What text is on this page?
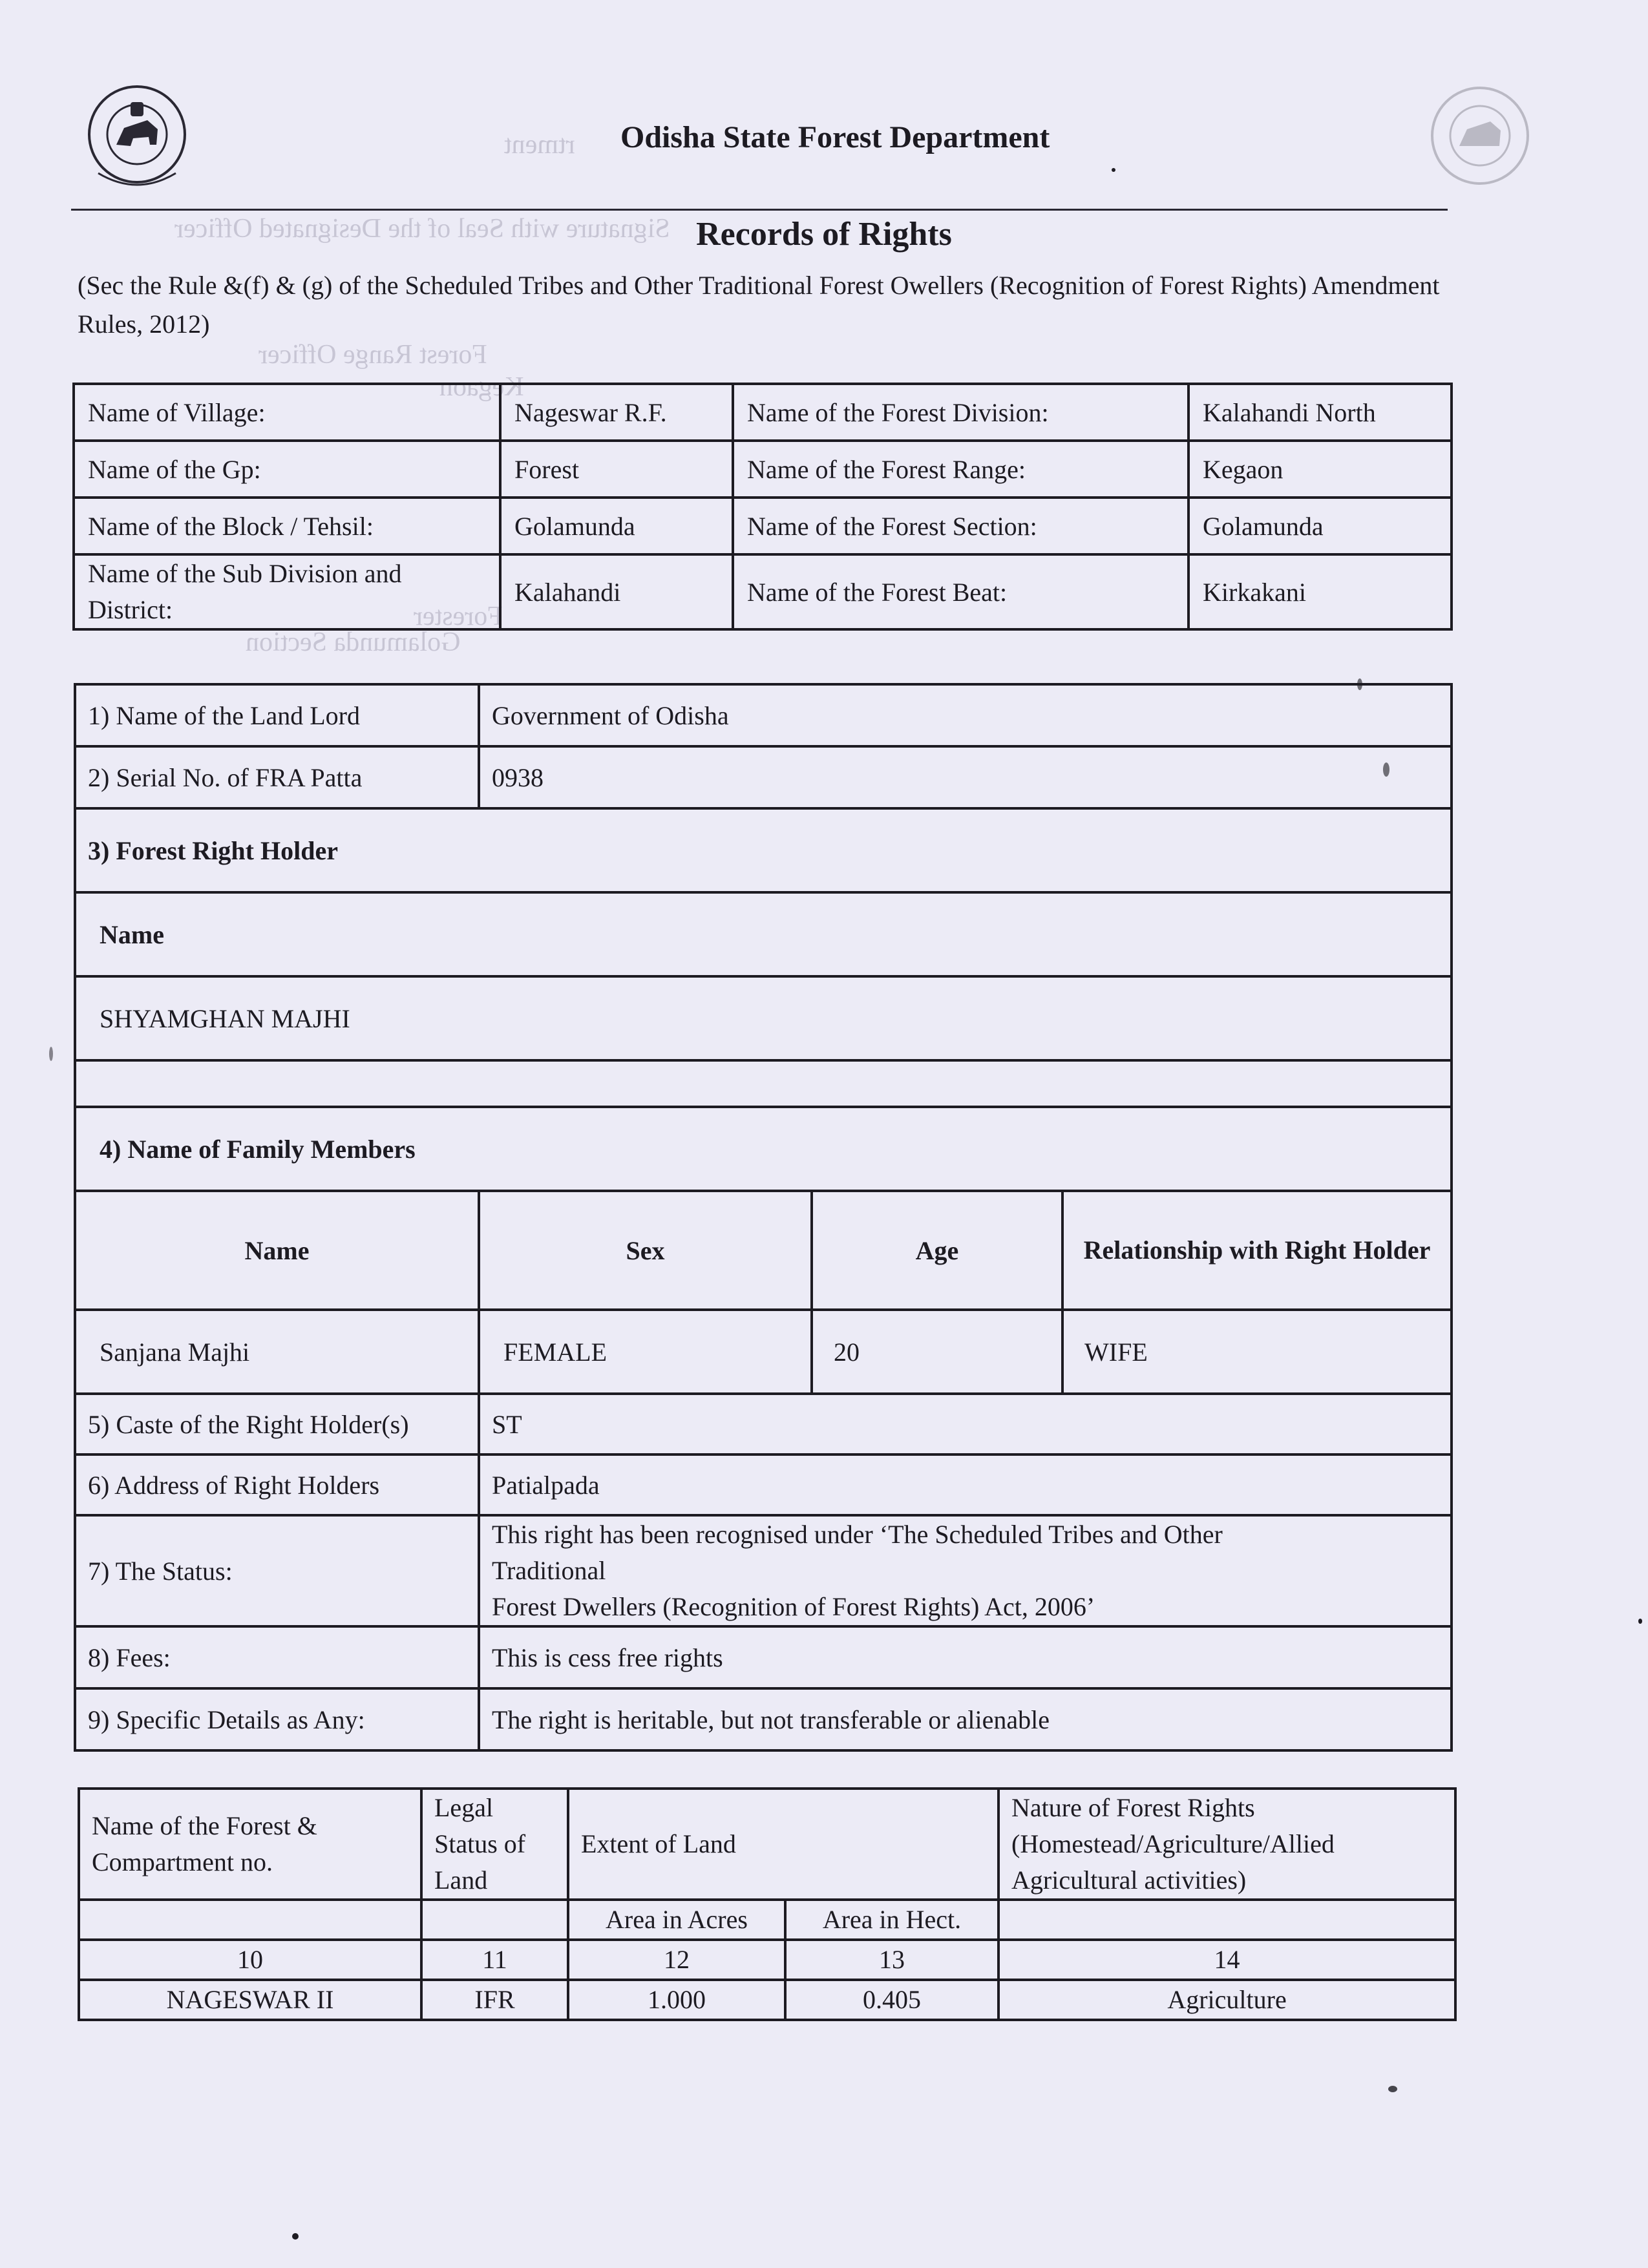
rtment
Signature with Seal of the Designated Officer
Forest Range Officer
Kegaon
Forester
Golamunda Section
Odisha State Forest Department
Records of Rights
(Sec the Rule &(f) & (g) of the Scheduled Tribes and Other Traditional Forest Owellers (Recognition of Forest Rights) Amendment Rules, 2012)
Name of Village:	Nageswar R.F.	Name of the Forest Division:	Kalahandi North
Name of the Gp:	Forest	Name of the Forest Range:	Kegaon
Name of the Block / Tehsil:	Golamunda	Name of the Forest Section:	Golamunda
Name of the Sub Division and District:	Kalahandi	Name of the Forest Beat:	Kirkakani
1) Name of the Land Lord	Government of Odisha		
2) Serial No. of FRA Patta	0938		
3) Forest Right Holder			
Name			
SHYAMGHAN MAJHI			

4) Name of Family Members			
Name	Sex	Age	Relationship with Right Holder
Sanjana Majhi	FEMALE	20	WIFE
5) Caste of the Right Holder(s)	ST		
6) Address of Right Holders	Patialpada		
7) The Status:	This right has been recognised under ‘The Scheduled Tribes and Other
Traditional
Forest Dwellers (Recognition of Forest Rights) Act, 2006’		

8) Fees:	This is cess free rights		
9) Specific Details as Any:	The right is heritable, but not transferable or alienable		
Name of the Forest & Compartment no.	Legal Status of Land	Extent of Land		Nature of Forest Rights (Homestead/Agriculture/Allied Agricultural activities)
		Area in Acres	Area in Hect.	
10	11	12	13	14
NAGESWAR II	IFR	1.000	0.405	Agriculture
